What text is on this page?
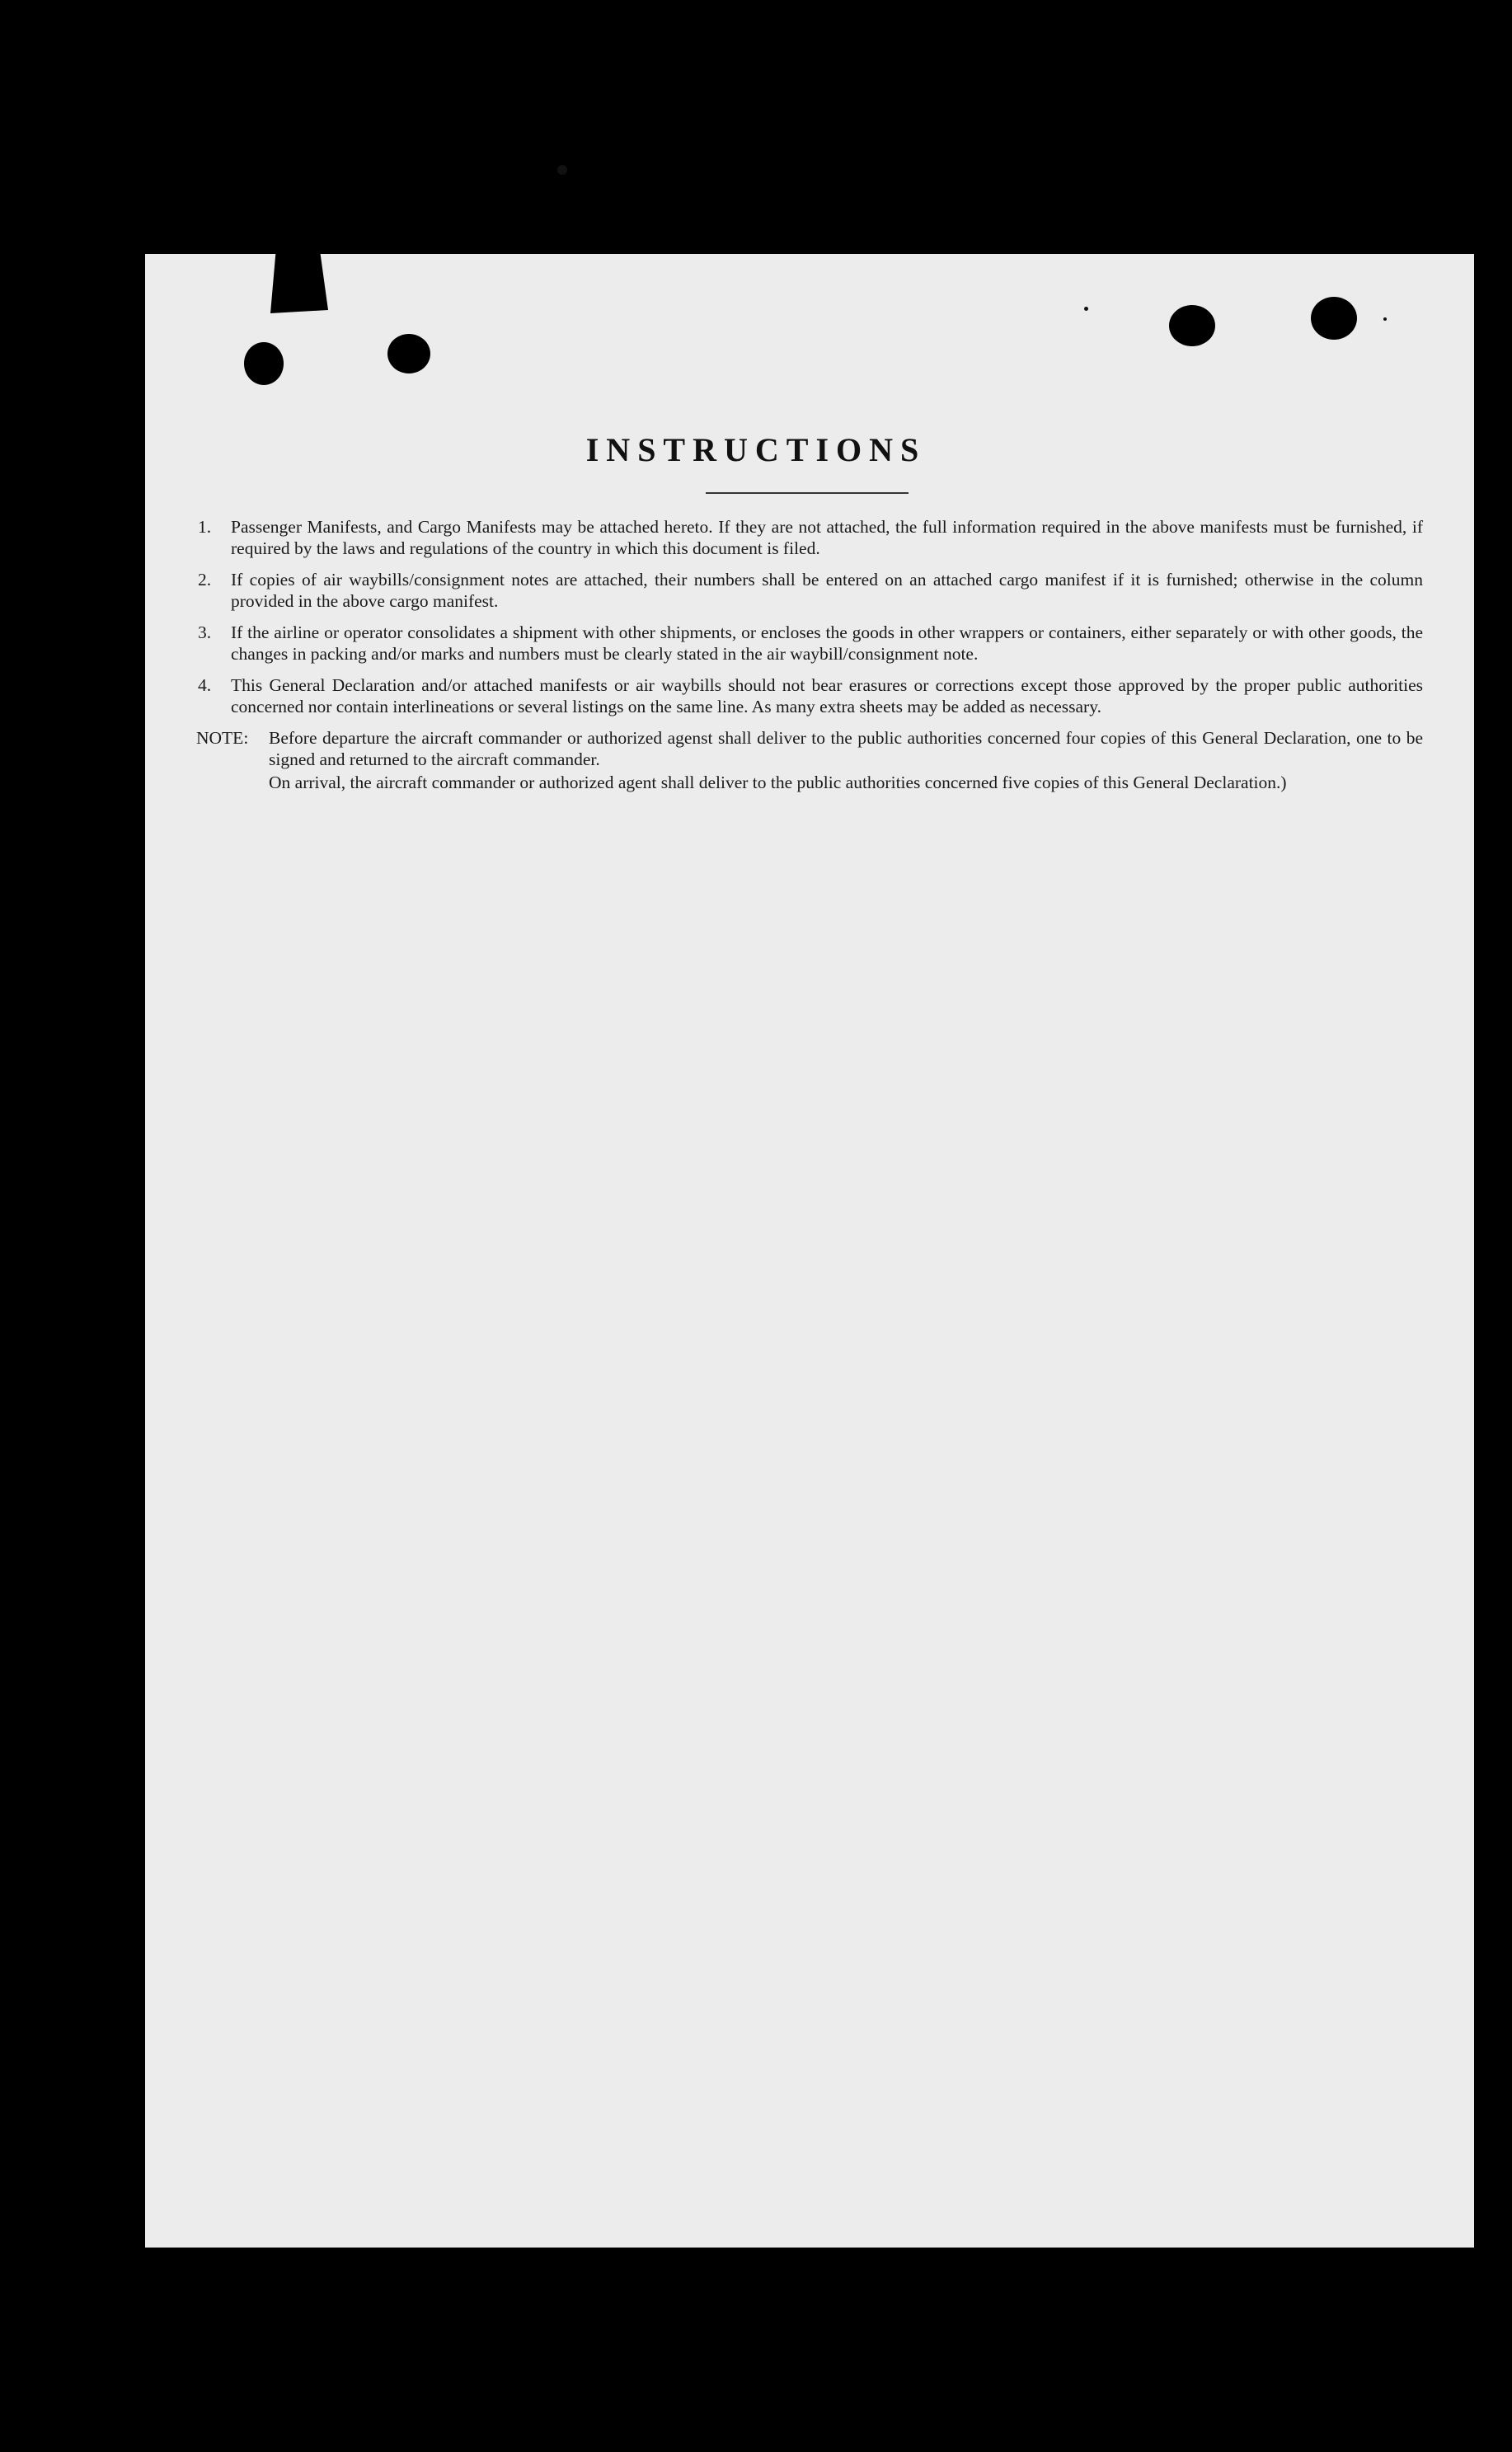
INSTRUCTIONS
1. Passenger Manifests, and Cargo Manifests may be attached hereto. If they are not attached, the full information required in the above manifests must be furnished, if required by the laws and regulations of the country in which this document is filed.
2. If copies of air waybills/consignment notes are attached, their numbers shall be entered on an attached cargo manifest if it is furnished; otherwise in the column provided in the above cargo manifest.
3. If the airline or operator consolidates a shipment with other shipments, or encloses the goods in other wrappers or containers, either separately or with other goods, the changes in packing and/or marks and numbers must be clearly stated in the air waybill/consignment note.
4. This General Declaration and/or attached manifests or air waybills should not bear erasures or corrections except those approved by the proper public authorities concerned nor contain interlineations or several listings on the same line. As many extra sheets may be added as necessary.
NOTE: Before departure the aircraft commander or authorized agenst shall deliver to the public authorities concerned four copies of this General Declaration, one to be signed and returned to the aircraft commander.

On arrival, the aircraft commander or authorized agent shall deliver to the public authorities concerned five copies of this General Declaration.)
